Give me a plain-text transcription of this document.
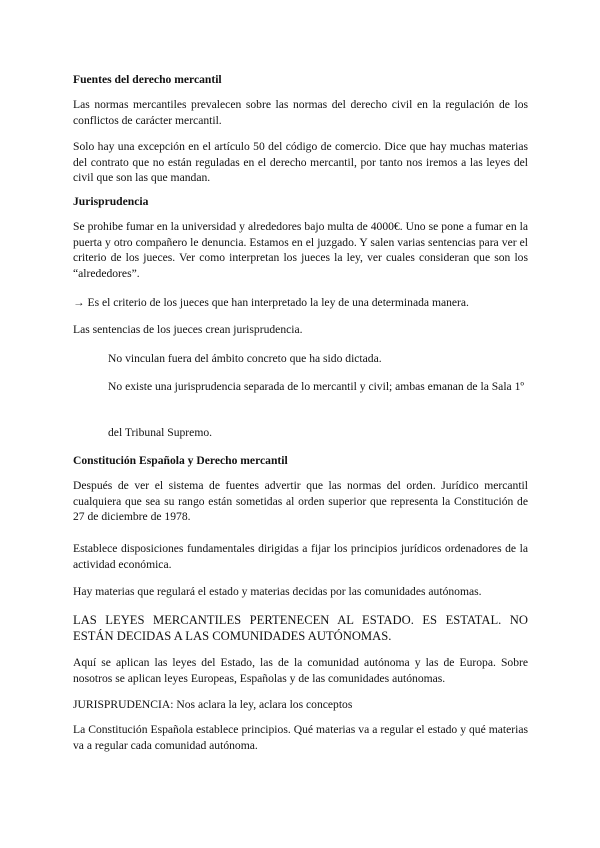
Fuentes del derecho mercantil

Las normas mercantiles prevalecen sobre las normas del derecho civil en la regulación de los conflictos de carácter mercantil.

Solo hay una excepción en el artículo 50 del código de comercio. Dice que hay muchas materias del contrato que no están reguladas en el derecho mercantil, por tanto nos iremos a las leyes del civil que son las que mandan.

Jurisprudencia

Se prohibe fumar en la universidad y alrededores bajo multa de 4000€. Uno se pone a fumar en la puerta y otro compañero le denuncia. Estamos en el juzgado. Y salen varias sentencias para ver el criterio de los jueces. Ver como interpretan los jueces la ley, ver cuales consideran que son los “alrededores”.

→ Es el criterio de los jueces que han interpretado la ley de una determinada manera.

Las sentencias de los jueces crean jurisprudencia.

No vinculan fuera del ámbito concreto que ha sido dictada.

No existe una jurisprudencia separada de lo mercantil y civil; ambas emanan de la Sala 1º

del Tribunal Supremo.

Constitución Española y Derecho mercantil

Después de ver el sistema de fuentes advertir que las normas del orden. Jurídico mercantil cualquiera que sea su rango están sometidas al orden superior que representa la Constitución de 27 de diciembre de 1978.

Establece disposiciones fundamentales dirigidas a fijar los principios jurídicos ordenadores de la actividad económica.

Hay materias que regulará el estado y materias decidas por las comunidades autónomas.

LAS LEYES MERCANTILES PERTENECEN AL ESTADO. ES ESTATAL. NO ESTÁN DECIDAS A LAS COMUNIDADES AUTÓNOMAS.

Aquí se aplican las leyes del Estado, las de la comunidad autónoma y las de Europa. Sobre nosotros se aplican leyes Europeas, Españolas y de las comunidades autónomas.

JURISPRUDENCIA: Nos aclara la ley, aclara los conceptos

La Constitución Española establece principios. Qué materias va a regular el estado y qué materias va a regular cada comunidad autónoma.
